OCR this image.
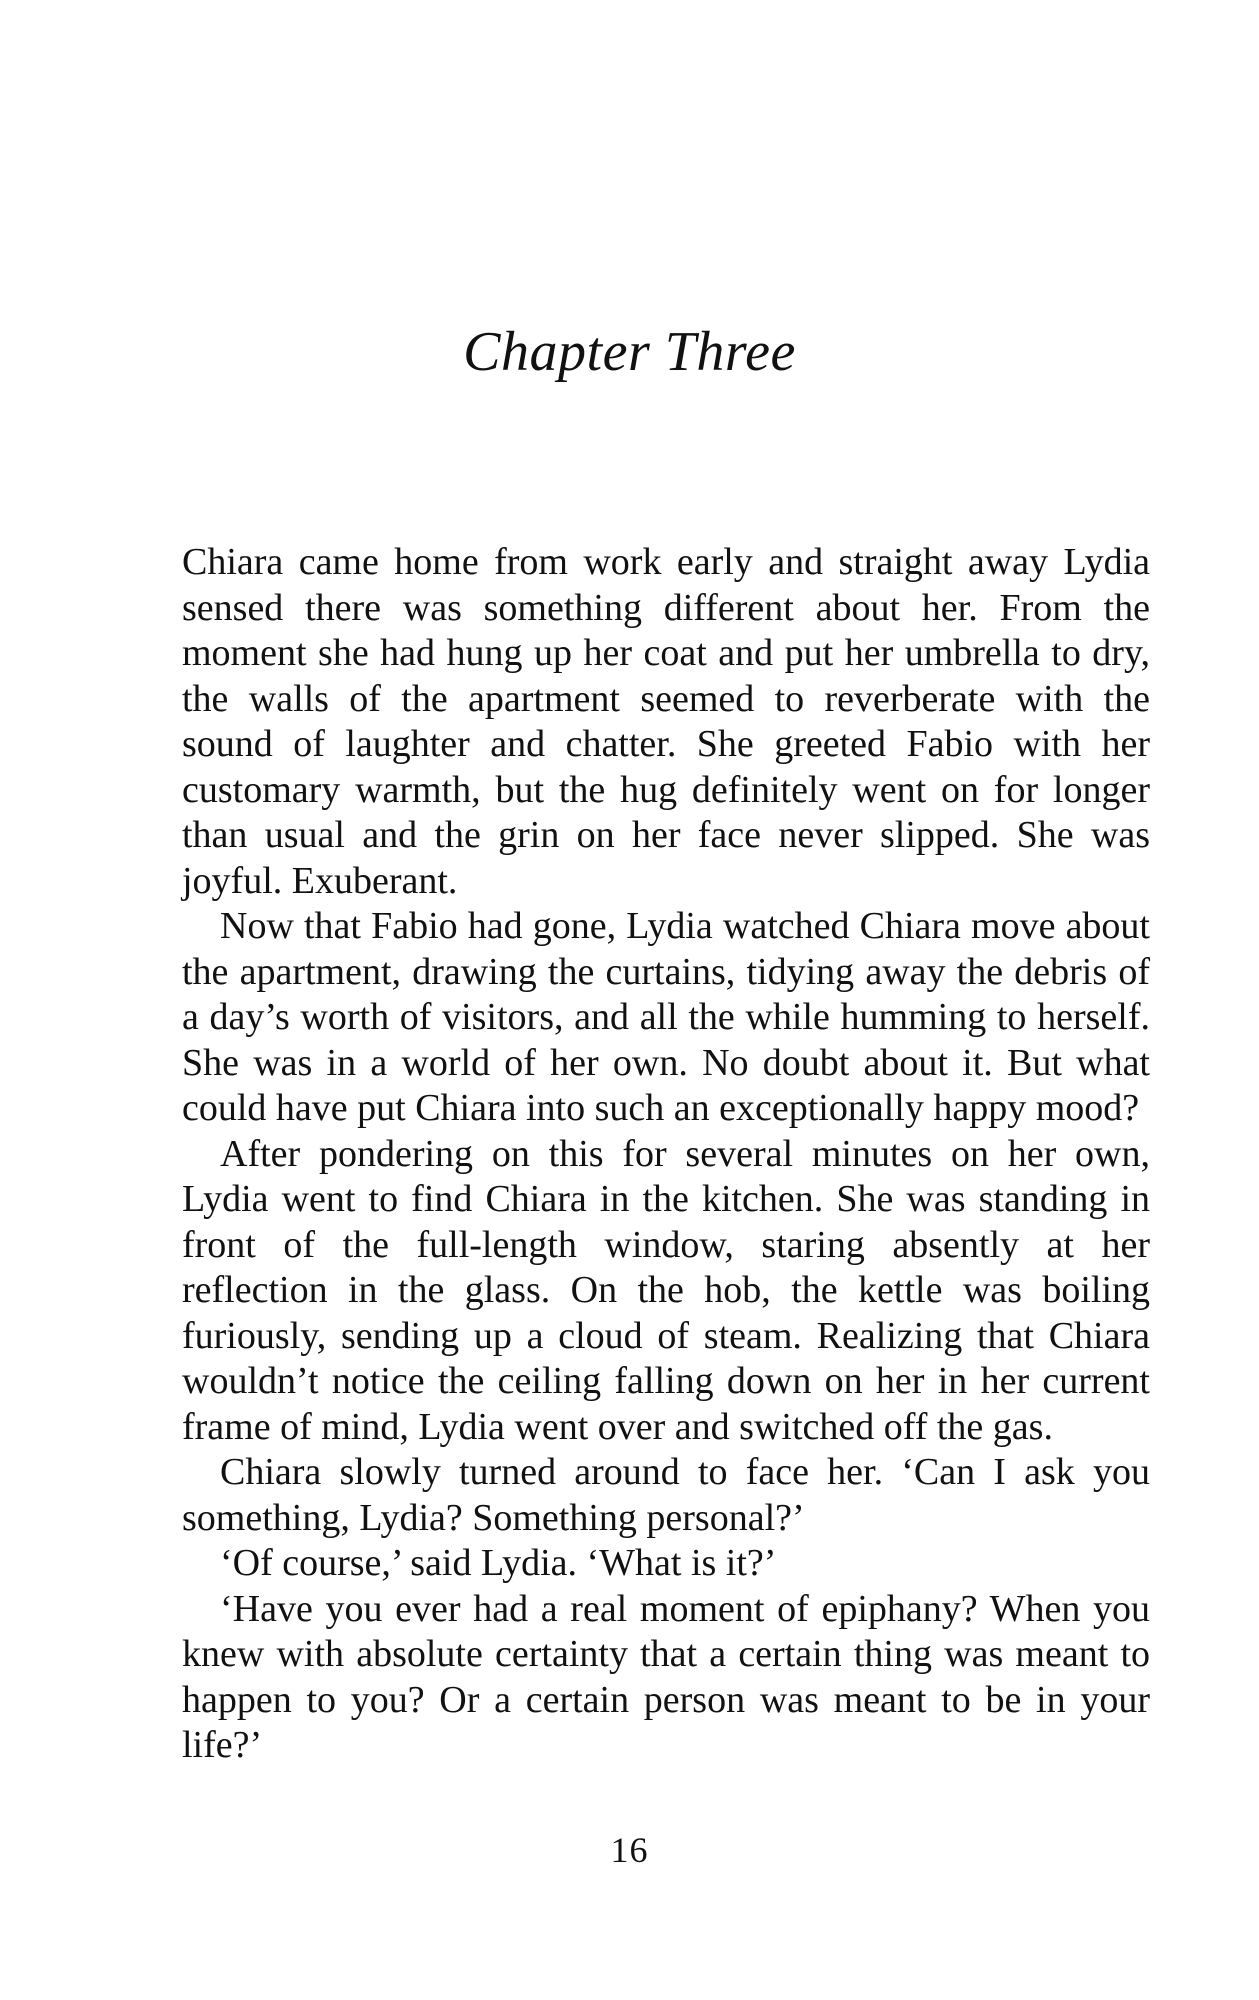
Chapter Three

Chiara came home from work early and straight away Lydia sensed there was something different about her. From the moment she had hung up her coat and put her umbrella to dry, the walls of the apartment seemed to reverberate with the sound of laughter and chatter. She greeted Fabio with her customary warmth, but the hug definitely went on for longer than usual and the grin on her face never slipped. She was joyful. Exuberant.

Now that Fabio had gone, Lydia watched Chiara move about the apartment, drawing the curtains, tidying away the debris of a day’s worth of visitors, and all the while humming to herself. She was in a world of her own. No doubt about it. But what could have put Chiara into such an exceptionally happy mood?

After pondering on this for several minutes on her own, Lydia went to find Chiara in the kitchen. She was standing in front of the full-length window, staring absently at her reflection in the glass. On the hob, the kettle was boiling furiously, sending up a cloud of steam. Realizing that Chiara wouldn’t notice the ceiling falling down on her in her current frame of mind, Lydia went over and switched off the gas.

Chiara slowly turned around to face her. ‘Can I ask you something, Lydia? Something personal?’

‘Of course,’ said Lydia. ‘What is it?’

‘Have you ever had a real moment of epiphany? When you knew with absolute certainty that a certain thing was meant to happen to you? Or a certain person was meant to be in your life?’

16
